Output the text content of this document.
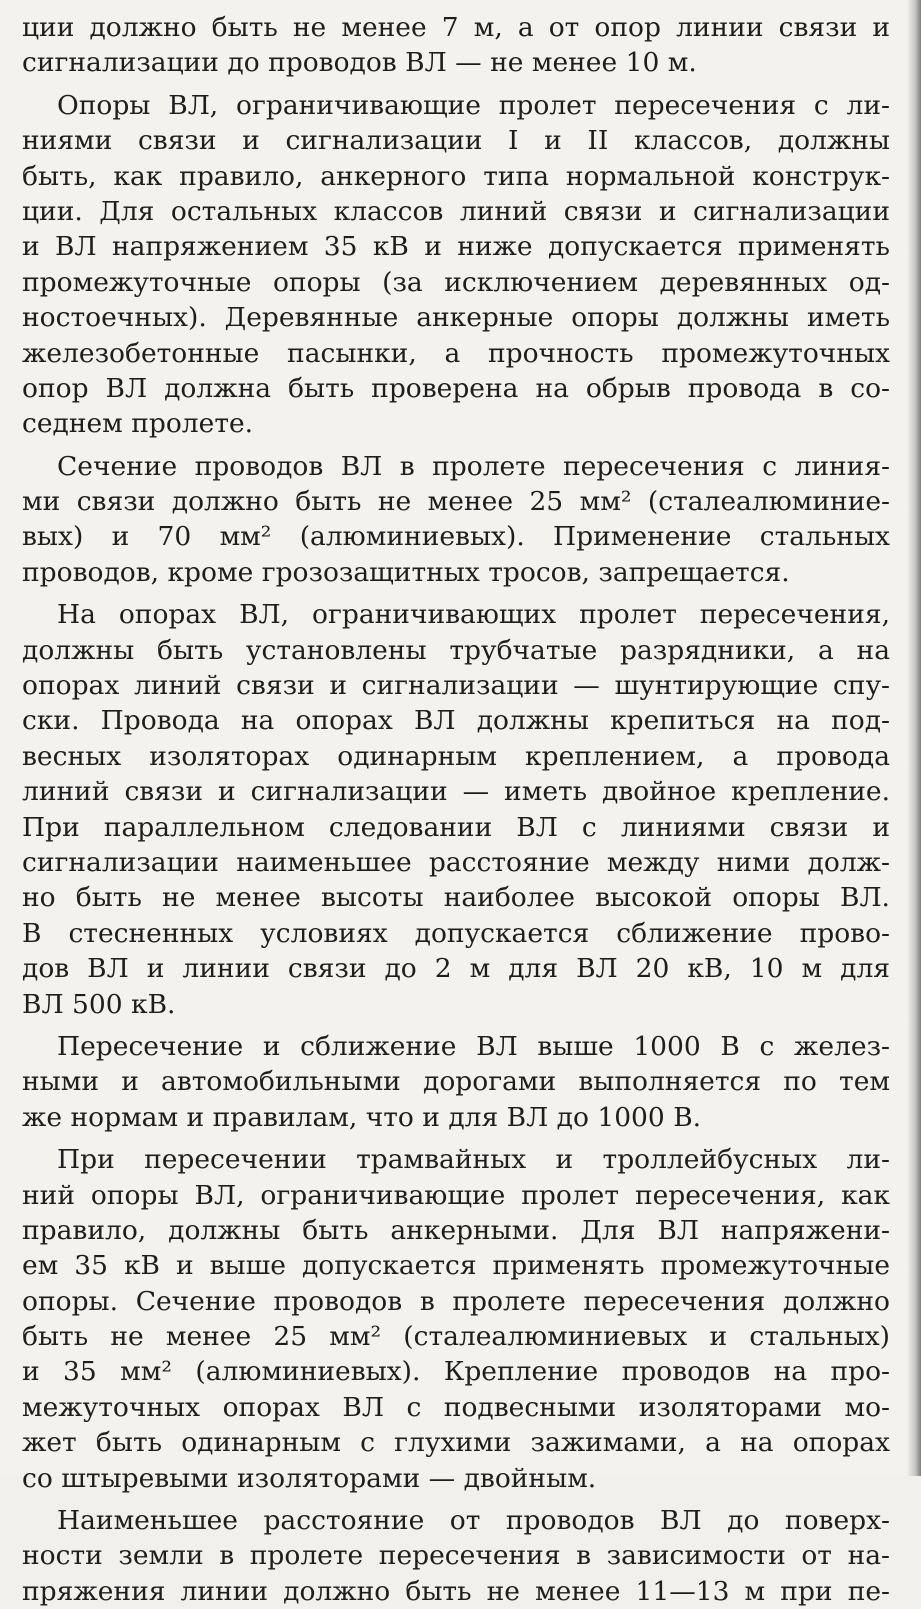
ции должно быть не менее 7 м, а от опор линии связи и
сигнализации до проводов ВЛ — не менее 10 м.
Опоры ВЛ, ограничивающие пролет пересечения с ли-
ниями связи и сигнализации I и II классов, должны
быть, как правило, анкерного типа нормальной конструк-
ции. Для остальных классов линий связи и сигнализации
и ВЛ напряжением 35 кВ и ниже допускается применять
промежуточные опоры (за исключением деревянных од-
ностоечных). Деревянные анкерные опоры должны иметь
железобетонные пасынки, а прочность промежуточных
опор ВЛ должна быть проверена на обрыв провода в со-
седнем пролете.
Сечение проводов ВЛ в пролете пересечения с линия-
ми связи должно быть не менее 25 мм² (сталеалюминие-
вых) и 70 мм² (алюминиевых). Применение стальных
проводов, кроме грозозащитных тросов, запрещается.
На опорах ВЛ, ограничивающих пролет пересечения,
должны быть установлены трубчатые разрядники, а на
опорах линий связи и сигнализации — шунтирующие спу-
ски. Провода на опорах ВЛ должны крепиться на под-
весных изоляторах одинарным креплением, а провода
линий связи и сигнализации — иметь двойное крепление.
При параллельном следовании ВЛ с линиями связи и
сигнализации наименьшее расстояние между ними долж-
но быть не менее высоты наиболее высокой опоры ВЛ.
В стесненных условиях допускается сближение прово-
дов ВЛ и линии связи до 2 м для ВЛ 20 кВ, 10 м для
ВЛ 500 кВ.
Пересечение и сближение ВЛ выше 1000 В с желез-
ными и автомобильными дорогами выполняется по тем
же нормам и правилам, что и для ВЛ до 1000 В.
При пересечении трамвайных и троллейбусных ли-
ний опоры ВЛ, ограничивающие пролет пересечения, как
правило, должны быть анкерными. Для ВЛ напряжени-
ем 35 кВ и выше допускается применять промежуточные
опоры. Сечение проводов в пролете пересечения должно
быть не менее 25 мм² (сталеалюминиевых и стальных)
и 35 мм² (алюминиевых). Крепление проводов на про-
межуточных опорах ВЛ с подвесными изоляторами мо-
жет быть одинарным с глухими зажимами, а на опорах
со штыревыми изоляторами — двойным.
Наименьшее расстояние от проводов ВЛ до поверх-
ности земли в пролете пересечения в зависимости от на-
пряжения линии должно быть не менее 11—13 м при пе-
